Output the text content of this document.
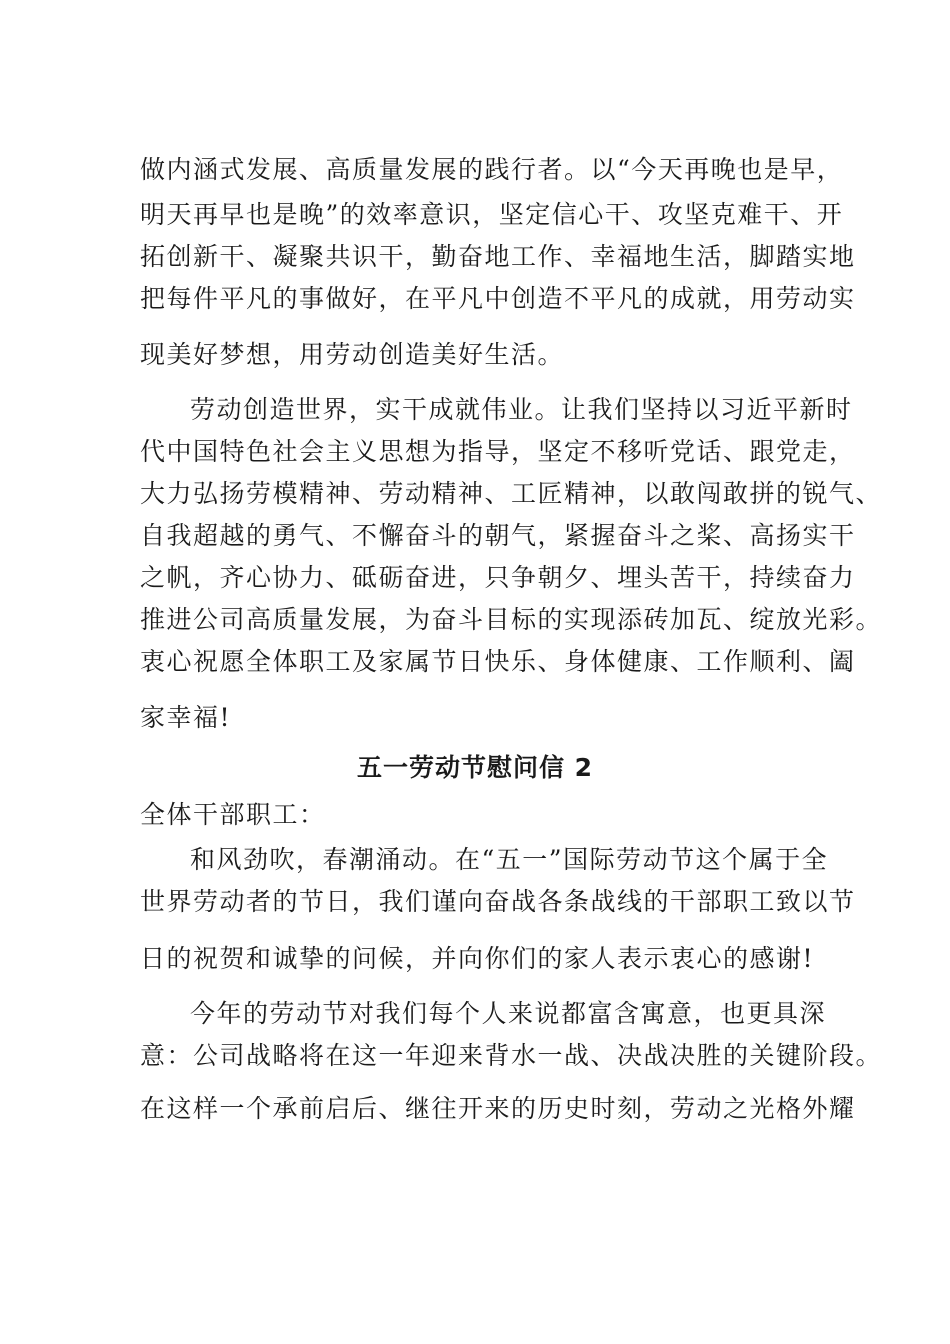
做内涵式发展、高质量发展的践行者。以“今天再晚也是早，
明天再早也是晚”的效率意识，坚定信心干、攻坚克难干、开
拓创新干、凝聚共识干，勤奋地工作、幸福地生活，脚踏实地
把每件平凡的事做好，在平凡中创造不平凡的成就，用劳动实
现美好梦想，用劳动创造美好生活。
劳动创造世界，实干成就伟业。让我们坚持以习近平新时
代中国特色社会主义思想为指导，坚定不移听党话、跟党走，
大力弘扬劳模精神、劳动精神、工匠精神，以敢闯敢拼的锐气、
自我超越的勇气、不懈奋斗的朝气，紧握奋斗之桨、高扬实干
之帆，齐心协力、砥砺奋进，只争朝夕、埋头苦干，持续奋力
推进公司高质量发展，为奋斗目标的实现添砖加瓦、绽放光彩。
衷心祝愿全体职工及家属节日快乐、身体健康、工作顺利、阖
家幸福!
五一劳动节慰问信 2
全体干部职工：
和风劲吹，春潮涌动。在“五一”国际劳动节这个属于全
世界劳动者的节日，我们谨向奋战各条战线的干部职工致以节
日的祝贺和诚挚的问候，并向你们的家人表示衷心的感谢!
今年的劳动节对我们每个人来说都富含寓意，也更具深
意：公司战略将在这一年迎来背水一战、决战决胜的关键阶段。
在这样一个承前启后、继往开来的历史时刻，劳动之光格外耀
